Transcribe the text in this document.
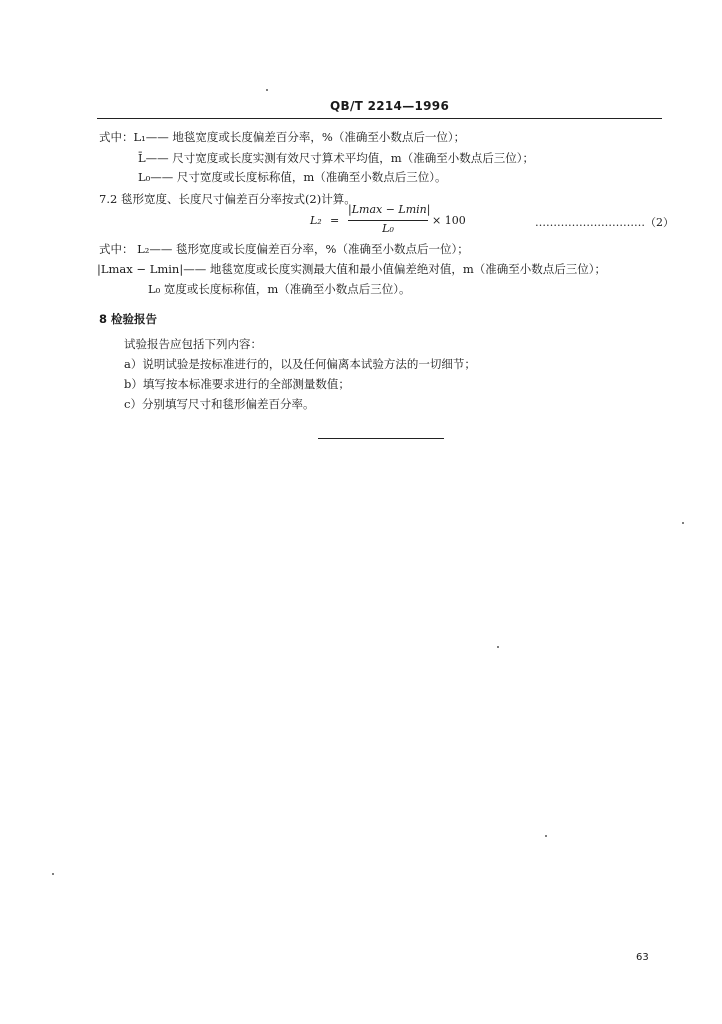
QB/T 2214—1996
式中：L₁—— 地毯宽度或长度偏差百分率，%（准确至小数点后一位）；
L̄—— 尺寸宽度或长度实测有效尺寸算术平均值，m（准确至小数点后三位）；
L₀—— 尺寸宽度或长度标称值，m（准确至小数点后三位）。
7.2 毯形宽度、长度尺寸偏差百分率按式(2)计算。
L₂ =
|Lmax − Lmin|
L₀
× 100	…………………………（2）
式中： L₂—— 毯形宽度或长度偏差百分率，%（准确至小数点后一位）；
|Lmax − Lmin|—— 地毯宽度或长度实测最大值和最小值偏差绝对值，m（准确至小数点后三位）；
L₀ 宽度或长度标称值，m（准确至小数点后三位）。
8 检验报告
试验报告应包括下列内容：
a）说明试验是按标准进行的，以及任何偏离本试验方法的一切细节；
b）填写按本标准要求进行的全部测量数值；
c）分别填写尺寸和毯形偏差百分率。
63
